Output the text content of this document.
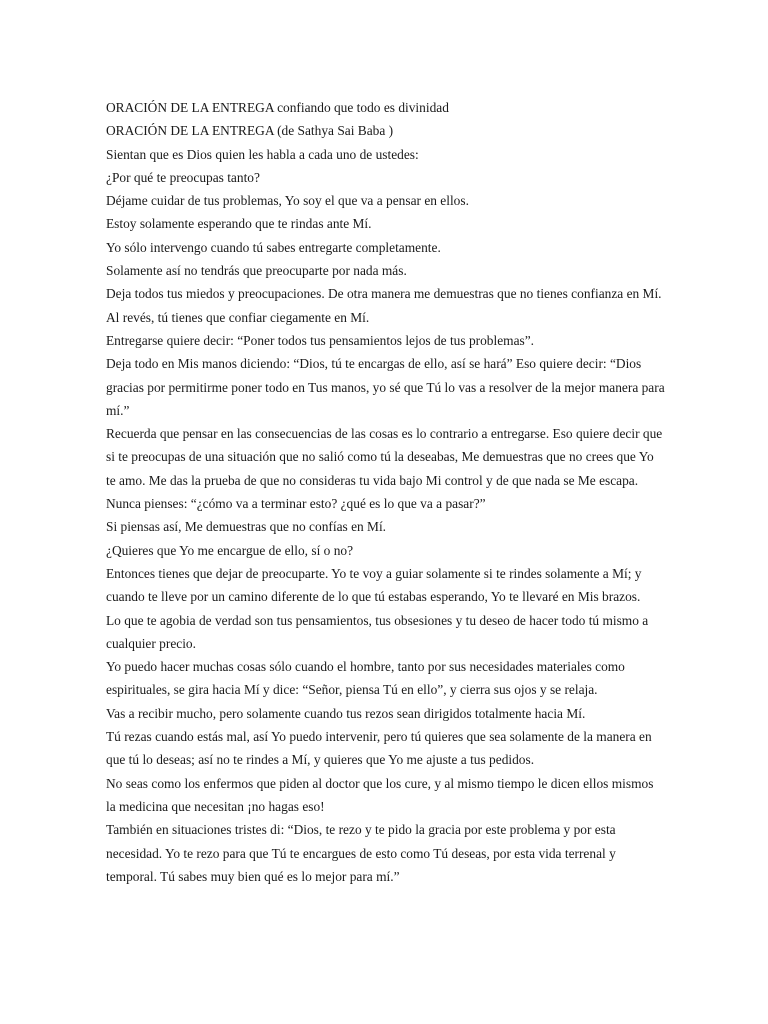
ORACIÓN DE LA ENTREGA confiando que todo es divinidad

ORACIÓN DE LA ENTREGA (de Sathya Sai Baba )

Sientan que es Dios quien les habla a cada uno de ustedes:

¿Por qué te preocupas tanto?

Déjame cuidar de tus problemas, Yo soy el que va a pensar en ellos.

Estoy solamente esperando que te rindas ante Mí.

Yo sólo intervengo cuando tú sabes entregarte completamente.

Solamente así no tendrás que preocuparte por nada más.

Deja todos tus miedos y preocupaciones. De otra manera me demuestras que no tienes confianza en Mí.

Al revés, tú tienes que confiar ciegamente en Mí.

Entregarse quiere decir: “Poner todos tus pensamientos lejos de tus problemas”.

Deja todo en Mis manos diciendo: “Dios, tú te encargas de ello, así se hará” Eso quiere decir: “Dios gracias por permitirme poner todo en Tus manos, yo sé que Tú lo vas a resolver de la mejor manera para mí.”

Recuerda que pensar en las consecuencias de las cosas es lo contrario a entregarse. Eso quiere decir que si te preocupas de una situación que no salió como tú la deseabas, Me demuestras que no crees que Yo te amo. Me das la prueba de que no consideras tu vida bajo Mi control y de que nada se Me escapa.

Nunca pienses: “¿cómo va a terminar esto? ¿qué es lo que va a pasar?”

Si piensas así, Me demuestras que no confías en Mí.

¿Quieres que Yo me encargue de ello, sí o no?

Entonces tienes que dejar de preocuparte. Yo te voy a guiar solamente si te rindes solamente a Mí; y cuando te lleve por un camino diferente de lo que tú estabas esperando, Yo te llevaré en Mis brazos.

Lo que te agobia de verdad son tus pensamientos, tus obsesiones y tu deseo de hacer todo tú mismo a cualquier precio.

Yo puedo hacer muchas cosas sólo cuando el hombre, tanto por sus necesidades materiales como espirituales, se gira hacia Mí y dice: “Señor, piensa Tú en ello”, y cierra sus ojos y se relaja.

Vas a recibir mucho, pero solamente cuando tus rezos sean dirigidos totalmente hacia Mí.

Tú rezas cuando estás mal, así Yo puedo intervenir, pero tú quieres que sea solamente de la manera en que tú lo deseas; así no te rindes a Mí, y quieres que Yo me ajuste a tus pedidos.

No seas como los enfermos que piden al doctor que los cure, y al mismo tiempo le dicen ellos mismos la medicina que necesitan ¡no hagas eso!

También en situaciones tristes di: “Dios, te rezo y te pido la gracia por este problema y por esta necesidad. Yo te rezo para que Tú te encargues de esto como Tú deseas, por esta vida terrenal y temporal. Tú sabes muy bien qué es lo mejor para mí.”
